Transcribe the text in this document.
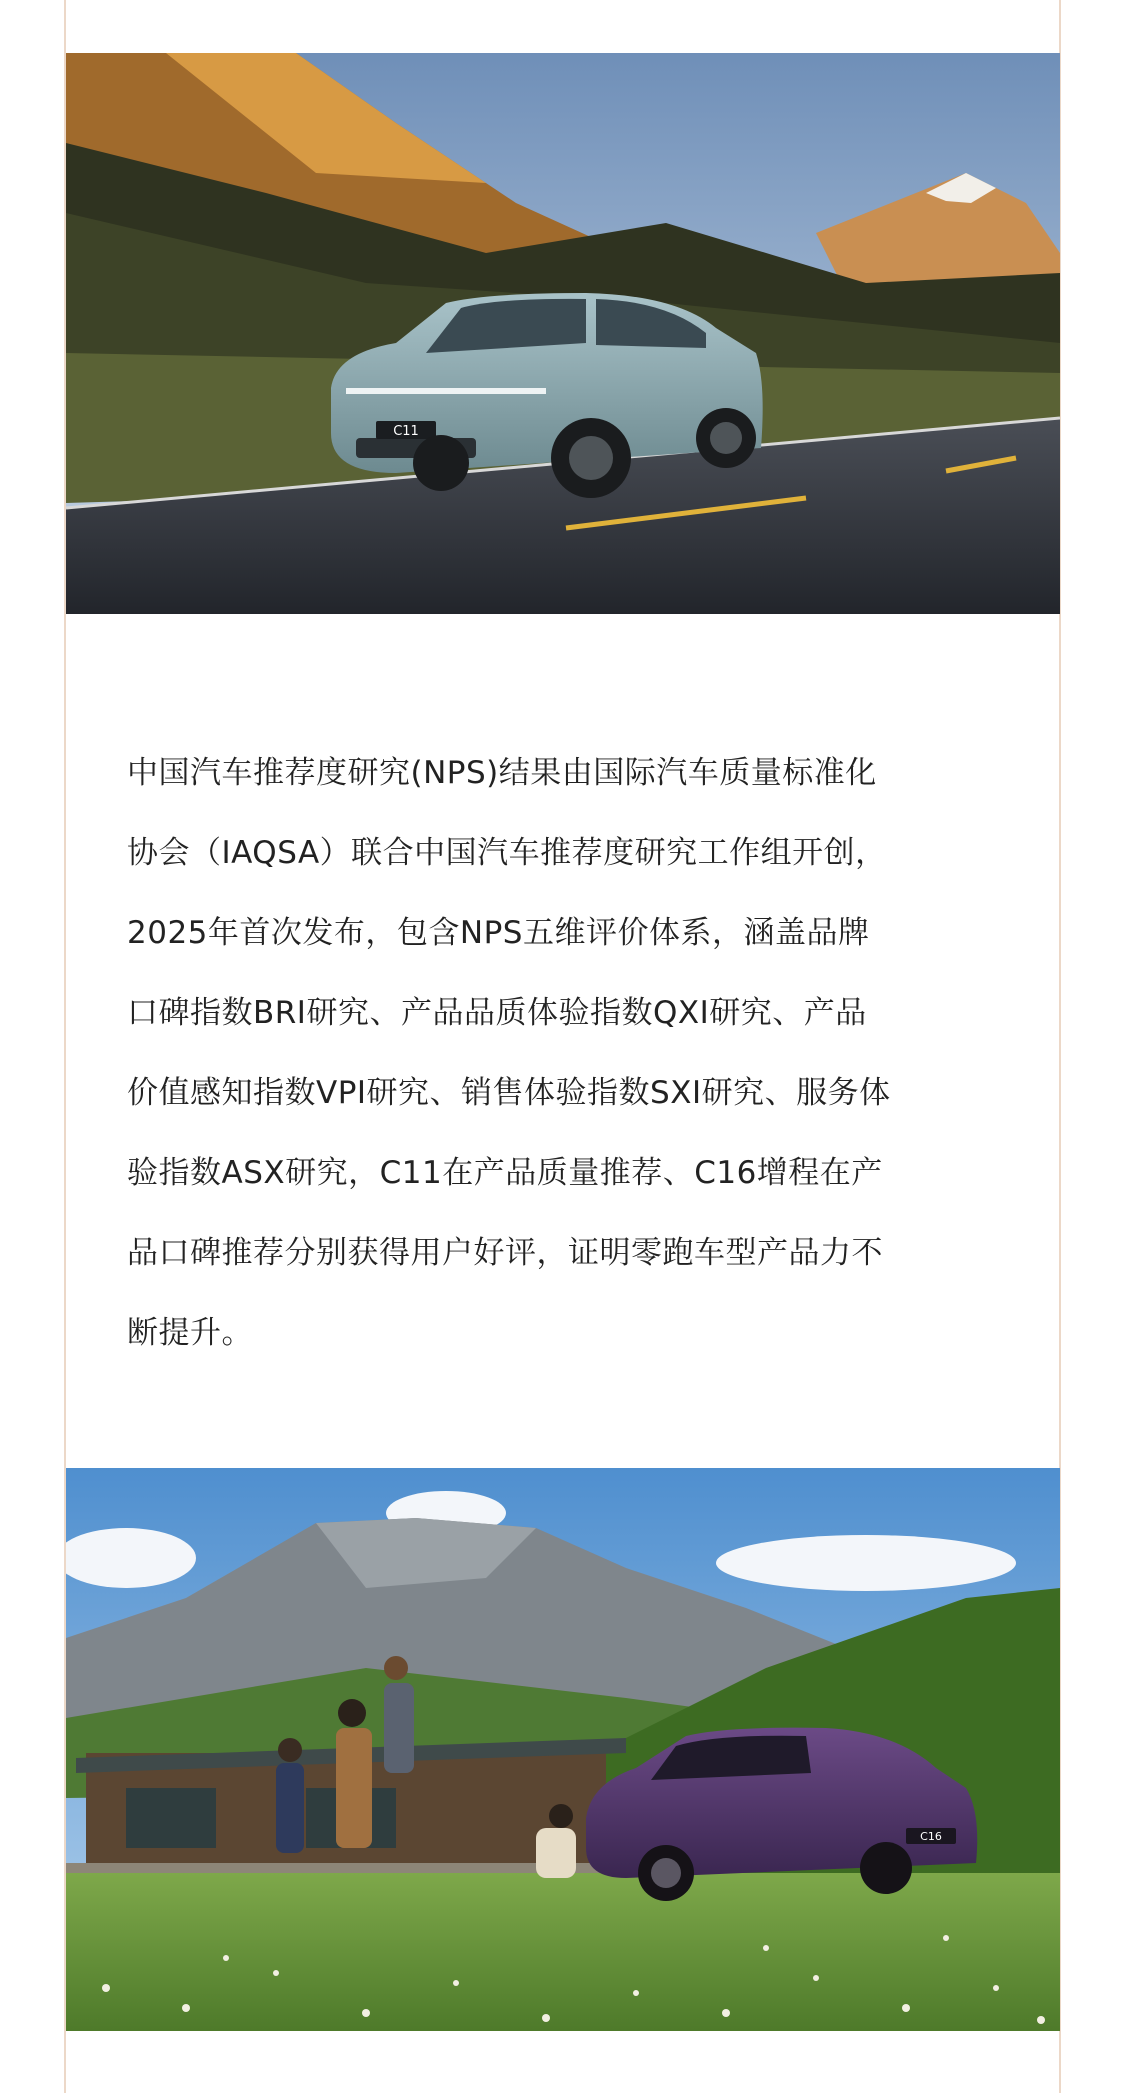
C11

中国汽车推荐度研究(NPS)结果由国际汽车质量标准化

协会（IAQSA）联合中国汽车推荐度研究工作组开创，

2025年首次发布，包含NPS五维评价体系，涵盖品牌

口碑指数BRI研究、产品品质体验指数QXI研究、产品

价值感知指数VPI研究、销售体验指数SXI研究、服务体

验指数ASX研究，C11在产品质量推荐、C16增程在产

品口碑推荐分别获得用户好评，证明零跑车型产品力不

断提升。

C16
